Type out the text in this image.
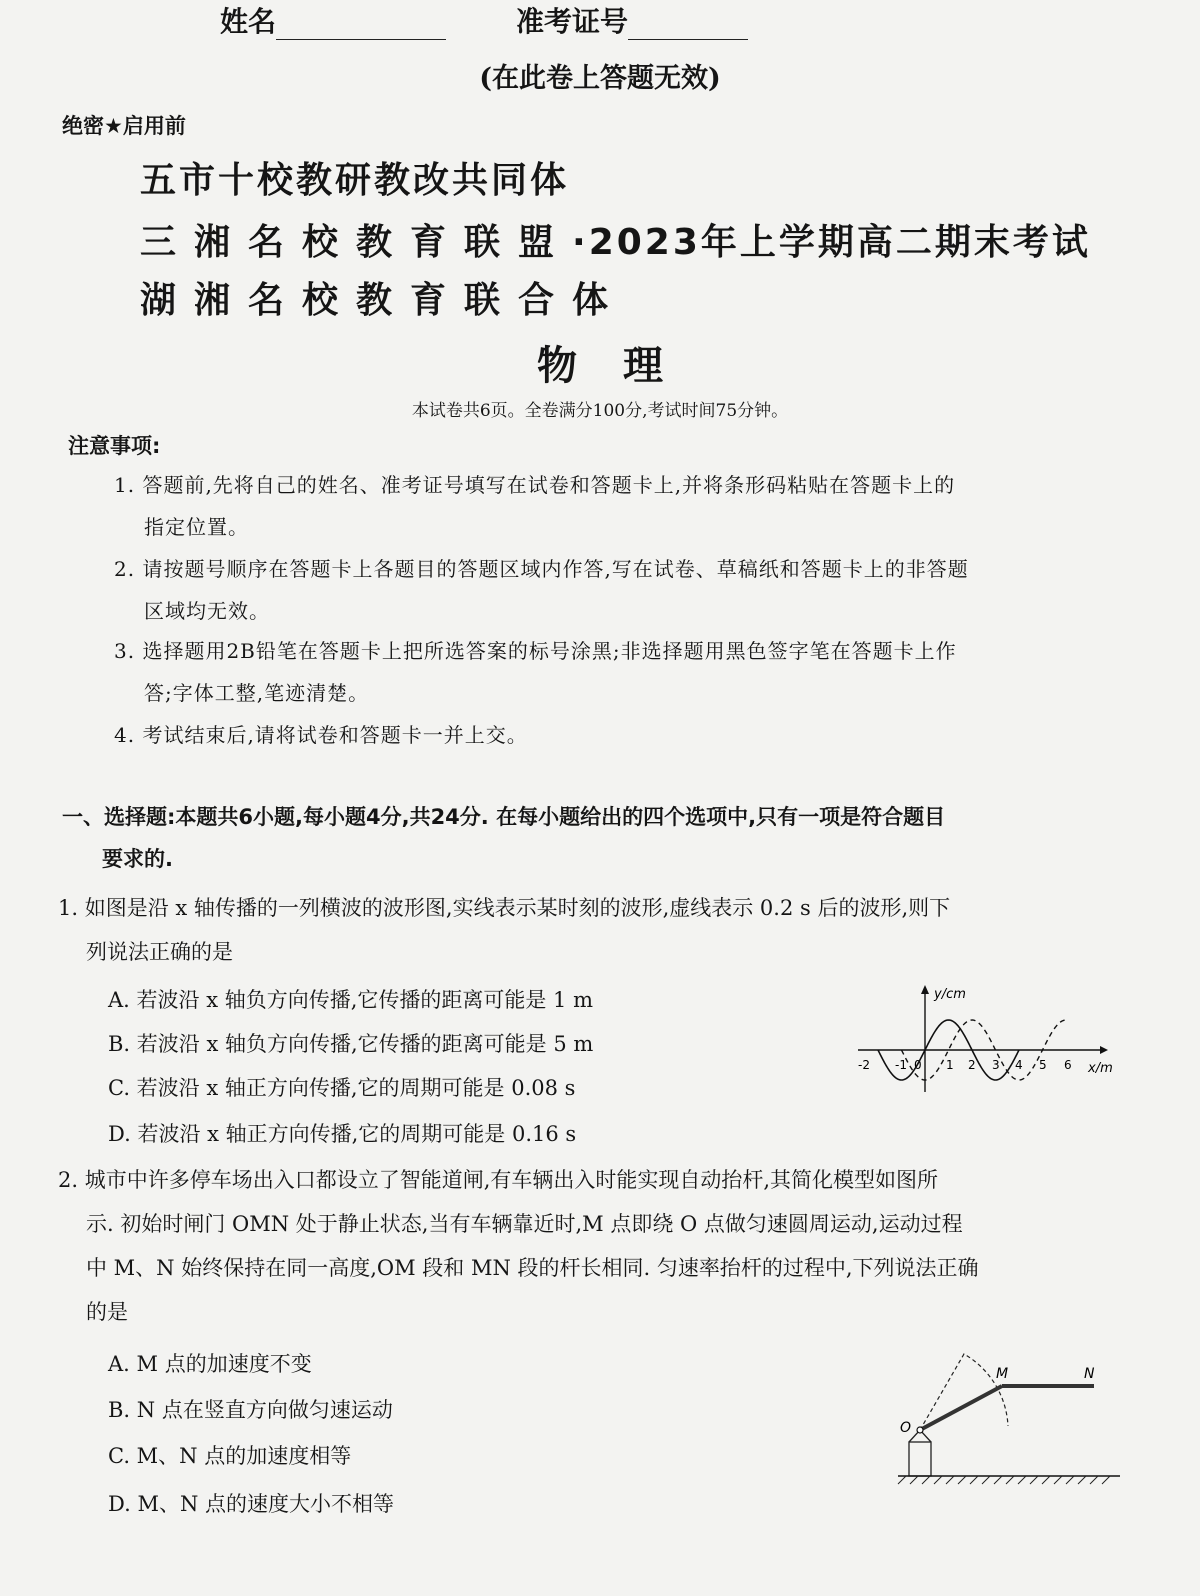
姓名	准考证号
(在此卷上答题无效)
绝密★启用前
五市十校教研教改共同体
三湘名校教育联盟·2023年上学期高二期末考试
湖湘名校教育联合体
物理
本试卷共6页。全卷满分100分,考试时间75分钟。
注意事项:
1. 答题前,先将自己的姓名、准考证号填写在试卷和答题卡上,并将条形码粘贴在答题卡上的
指定位置。
2. 请按题号顺序在答题卡上各题目的答题区域内作答,写在试卷、草稿纸和答题卡上的非答题
区域均无效。
3. 选择题用2B铅笔在答题卡上把所选答案的标号涂黑;非选择题用黑色签字笔在答题卡上作
答;字体工整,笔迹清楚。
4. 考试结束后,请将试卷和答题卡一并上交。
一、选择题:本题共6小题,每小题4分,共24分. 在每小题给出的四个选项中,只有一项是符合题目
要求的.
1. 如图是沿 x 轴传播的一列横波的波形图,实线表示某时刻的波形,虚线表示 0.2 s 后的波形,则下
列说法正确的是
A. 若波沿 x 轴负方向传播,它传播的距离可能是 1 m
B. 若波沿 x 轴负方向传播,它传播的距离可能是 5 m
C. 若波沿 x 轴正方向传播,它的周期可能是 0.08 s
D. 若波沿 x 轴正方向传播,它的周期可能是 0.16 s
y/cm
x/m
0
-2 -1	1 2 3 4 5 6
2. 城市中许多停车场出入口都设立了智能道闸,有车辆出入时能实现自动抬杆,其简化模型如图所
示. 初始时闸门 OMN 处于静止状态,当有车辆靠近时,M 点即绕 O 点做匀速圆周运动,运动过程
中 M、N 始终保持在同一高度,OM 段和 MN 段的杆长相同. 匀速率抬杆的过程中,下列说法正确
的是
A. M 点的加速度不变
B. N 点在竖直方向做匀速运动
C. M、N 点的加速度相等
D. M、N 点的速度大小不相等
O
M	N
